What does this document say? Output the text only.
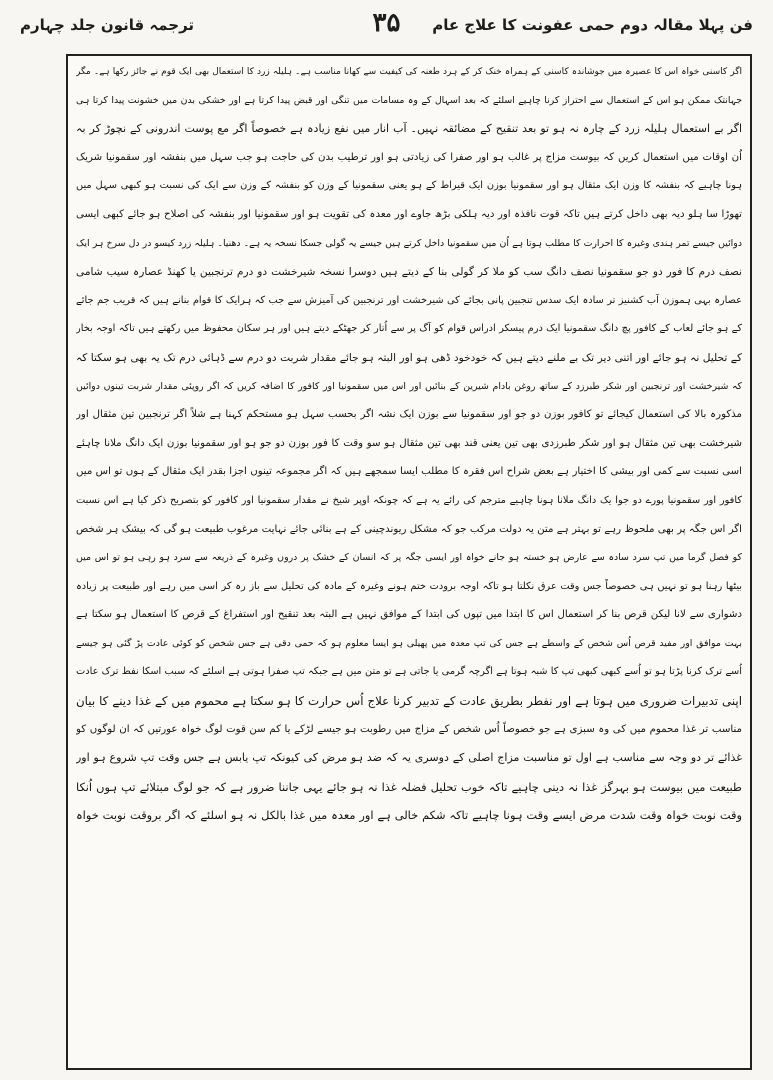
فن پہلا مقالہ دوم حمی عفونت کا علاج عام
۳۵
ترجمہ قانون جلد چہارم
اگر کاسنی خواہ اس کا عصیرہ میں جوشاندہ کاسنی کے ہمراہ خنک کر کے ہرد طعنہ کی کیفیت سے کھانا مناسب ہے۔ ہلیلہ زرد کا استعمال بھی ایک قوم نے جائز رکھا ہے۔ مگر
جہانتک ممکن ہو اس کے استعمال سے احتراز کرنا چاہیے اسلئے کہ بعد اسہال کے وہ مسامات میں تنگی اور قبض پیدا کرتا ہے اور خشکی بدن میں خشونت پیدا کرتا ہی
اگر بے استعمال ہلیلہ زرد کے چارہ نہ ہو تو بعد تنقیح کے مضائقہ نہیں۔ آب انار میں نفع زیادہ ہے خصوصاً اگر مع پوست اندرونی کے نچوڑ کر بہ
اُن اوقات میں استعمال کریں کہ بیوست مزاج پر غالب ہو اور صفرا کی زیادتی ہو اور ترطیب بدن کی حاجت ہو جب سہل میں بنفشہ اور سقمونیا شریک
ہونا چاہیے کہ بنفشہ کا وزن ایک مثقال ہو اور سقمونیا بوزن ایک قیراط کے ہو یعنی سقمونیا کے وزن کو بنفشہ کے وزن سے ایک کی نسبت ہو کبھی سہل میں
تھوڑا سا ہلو دیہ بھی داخل کرتے ہیں تاکہ قوت نافذہ اور دیہ ہلکی بڑھ جاوے اور معدہ کی تقویت ہو اور سقمونیا اور بنفشہ کی اصلاح ہو جائے کبھی ایسی
دوائیں جیسے تمر ہندی وغیرہ کا احرارت کا مطلب ہوتا ہے اُن میں سقمونیا داخل کرتے ہیں جیسے یہ گولی جسکا نسخہ یہ ہے۔ دھنیا۔ ہلیلہ زرد کیسو در دل سرخ ہر ایک
نصف درم کا فور دو جو سقمونیا نصف دانگ سب کو ملا کر گولی بنا کے دیتے ہیں دوسرا نسخہ شیرخشت دو درم ترنجبین یا کھنڈ عصارہ سیب شامی
عصارہ بہی ہموزن آب کشنیز تر سادہ ایک سدس تنجبین پانی بجائے کی شیرخشت اور ترنجبین کی آمیزش سے جب کہ ہرایک کا قوام بنانے ہیں کہ قریب جم جائے
کے ہو جائے لعاب کے کافور پچ دانگ سقمونیا ایک درم پیسکر ادراس قوام کو آگ پر سے اُتار کر جھٹکے دیتے ہیں اور ہر سکان محفوظ میں رکھتے ہیں تاکہ اوجہ بخار
کے تحلیل نہ ہو جائے اور اتنی دیر تک بے ملنے دیتے ہیں کہ خودخود ڈھی ہو اور البتہ ہو جائے مقدار شربت دو درم سے ڈہائی درم تک یہ بھی ہو سکتا کہ
کہ شیرخشت اور ترنجبین اور شکر طبرزد کے ساتھ روغن بادام شیرین کے بنائیں اور اس میں سقمونیا اور کافور کا اضافہ کریں کہ اگر روپئی مقدار شربت تینوں دوائیں
مذکورہ بالا کی استعمال کیجائے تو کافور بوزن دو جو اور سقمونیا سے بوزن ایک نشہ اگر بحسب سہل ہو مستحکم کہنا ہے شلاً اگر ترنجبین تین مثقال اور
شیرخشت بھی تین مثقال ہو اور شکر طبرزدی بھی تین یعنی قند بھی تین مثقال ہو سو وقت کا فور بوزن دو جو ہو اور سقمونیا بوزن ایک دانگ ملانا چاہئے
اسی نسبت سے کمی اور بیشی کا اختیار ہے بعض شراح اس فقرہ کا مطلب ایسا سمجھے ہیں کہ اگر مجموعہ تینوں اجزا بقدر ایک مثقال کے ہوں تو اس میں
کافور اور سقمونیا پورے دو جوا یک دانگ ملانا ہونا چاہیے مترجم کی رائے یہ ہے کہ چونکہ اوپر شیخ نے مقدار سقمونیا اور کافور کو بتصریح ذکر کیا ہے اس نسبت
اگر اس جگہ پر بھی ملحوظ رہے تو بہتر ہے متن یہ دولت مرکب جو کہ مشکل ریوندچینی کے ہے بنائی جائے نہایت مرغوب طبیعت ہو گی کہ بیشک ہر شخص
کو فصل گرما میں تپ سرد سادہ سے عارض ہو خستہ ہو جانے خواہ اور ایسی جگہ پر کہ انسان کے خشک پر دروں وغیرہ کے ذریعہ سے سرد ہو رہی ہو تو اس میں
بیٹھا رہنا ہو تو نہیں ہی خصوصاً جس وقت عرق نکلتا ہو تاکہ اوجہ برودت ختم ہونے وغیرہ کے مادہ کی تحلیل سے باز رہ کر اسی میں رہے اور طبیعت پر زیادہ
دشواری سے لانا لیکن قرص بنا کر استعمال اس کا ابتدا میں تپوں کی ابتدا کے موافق نہیں ہے البتہ بعد تنقیح اور استفراغ کے قرص کا استعمال ہو سکتا ہے
بہت موافق اور مفید قرص اُس شخص کے واسطے ہے جس کی تپ معدہ میں پھیلی ہو ایسا معلوم ہو کہ حمی دقی ہے جس شخص کو کوئی عادت پڑ گئی ہو جیسے
اُسے ترک کرنا پڑتا ہو تو اُسے کبھی کبھی تپ کا شبہ ہوتا ہے اگرچہ گرمی یا جاتی ہے تو متن میں ہے جبکہ تپ صفرا ہوتی ہے اسلئے کہ سبب اسکا نفط ترک عادت
اپنی تدبیرات ضروری میں ہوتا ہے اور نفطر بطریق عادت کے تدبیر کرنا علاج اُس حرارت کا ہو سکتا ہے محموم میں کے غذا دینے کا بیان
مناسب تر غذا محموم میں کی وہ سبزی ہے جو خصوصاً اُس شخص کے مزاج میں رطوبت ہو جیسے لڑکے یا کم سن قوت لوگ خواہ عورتیں کہ ان لوگوں کو
غذائے تر دو وجہ سے مناسب ہے اول تو مناسبت مزاج اصلی کے دوسری یہ کہ ضد ہو مرض کی کیونکہ تپ یابس ہے جس وقت تپ شروع ہو اور
طبیعت میں بیوست ہو بہرگز غذا نہ دینی چاہیے تاکہ خوب تحلیل فضلہ غذا نہ ہو جائے یہی جاننا ضرور ہے کہ جو لوگ مبتلائے تپ ہوں اُنکا
وقت نوبت خواہ وقت شدت مرض ایسے وقت ہونا چاہیے تاکہ شکم خالی ہے اور معدہ میں غذا بالکل نہ ہو اسلئے کہ اگر بروقت نوبت خواہ
